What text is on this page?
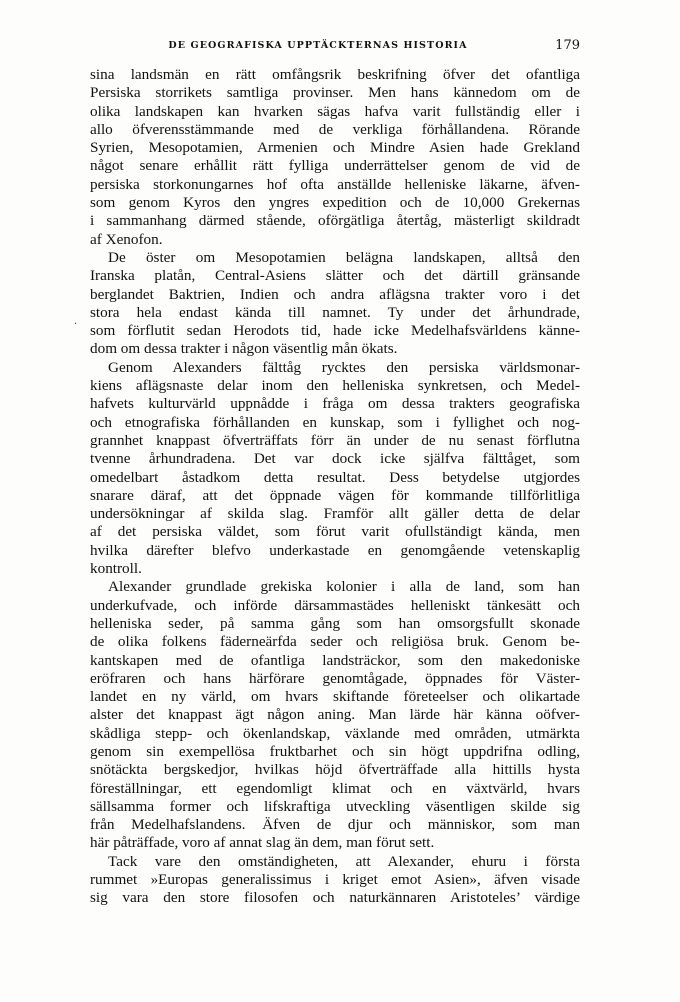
DE GEOGRAFISKA UPPTÄCKTERNAS HISTORIA	179
·
sina landsmän en rätt omfångsrik beskrifning öfver det ofantliga
Persiska storrikets samtliga provinser. Men hans kännedom om de
olika landskapen kan hvarken sägas hafva varit fullständig eller i
allo öfverensstämmande med de verkliga förhållandena. Rörande
Syrien, Mesopotamien, Armenien och Mindre Asien hade Grekland
något senare erhållit rätt fylliga underrättelser genom de vid de
persiska storkonungarnes hof ofta anställde helleniske läkarne, äfven-
som genom Kyros den yngres expedition och de 10,000 Grekernas
i sammanhang därmed stående, oförgätliga återtåg, mästerligt skildradt
af Xenofon.
De öster om Mesopotamien belägna landskapen, alltså den
Iranska platån, Central-Asiens slätter och det därtill gränsande
berglandet Baktrien, Indien och andra aflägsna trakter voro i det
stora hela endast kända till namnet. Ty under det århundrade,
som förflutit sedan Herodots tid, hade icke Medelhafsvärldens känne-
dom om dessa trakter i någon väsentlig mån ökats.
Genom Alexanders fälttåg rycktes den persiska världsmonar-
kiens aflägsnaste delar inom den helleniska synkretsen, och Medel-
hafvets kulturvärld uppnådde i fråga om dessa trakters geografiska
och etnografiska förhållanden en kunskap, som i fyllighet och nog-
grannhet knappast öfverträffats förr än under de nu senast förflutna
tvenne århundradena. Det var dock icke själfva fälttåget, som
omedelbart åstadkom detta resultat. Dess betydelse utgjordes
snarare däraf, att det öppnade vägen för kommande tillförlitliga
undersökningar af skilda slag. Framför allt gäller detta de delar
af det persiska väldet, som förut varit ofullständigt kända, men
hvilka därefter blefvo underkastade en genomgående vetenskaplig
kontroll.
Alexander grundlade grekiska kolonier i alla de land, som han
underkufvade, och införde därsammastädes helleniskt tänkesätt och
helleniska seder, på samma gång som han omsorgsfullt skonade
de olika folkens fäderneärfda seder och religiösa bruk. Genom be-
kantskapen med de ofantliga landsträckor, som den makedoniske
eröfraren och hans härförare genomtågade, öppnades för Väster-
landet en ny värld, om hvars skiftande företeelser och olikartade
alster det knappast ägt någon aning. Man lärde här känna oöfver-
skådliga stepp- och ökenlandskap, växlande med områden, utmärkta
genom sin exempellösa fruktbarhet och sin högt uppdrifna odling,
snötäckta bergskedjor, hvilkas höjd öfverträffade alla hittills hysta
föreställningar, ett egendomligt klimat och en växtvärld, hvars
sällsamma former och lifskraftiga utveckling väsentligen skilde sig
från Medelhafslandens. Äfven de djur och människor, som man
här påträffade, voro af annat slag än dem, man förut sett.
Tack vare den omständigheten, att Alexander, ehuru i första
rummet »Europas generalissimus i kriget emot Asien», äfven visade
sig vara den store filosofen och naturkännaren Aristoteles’ värdige
